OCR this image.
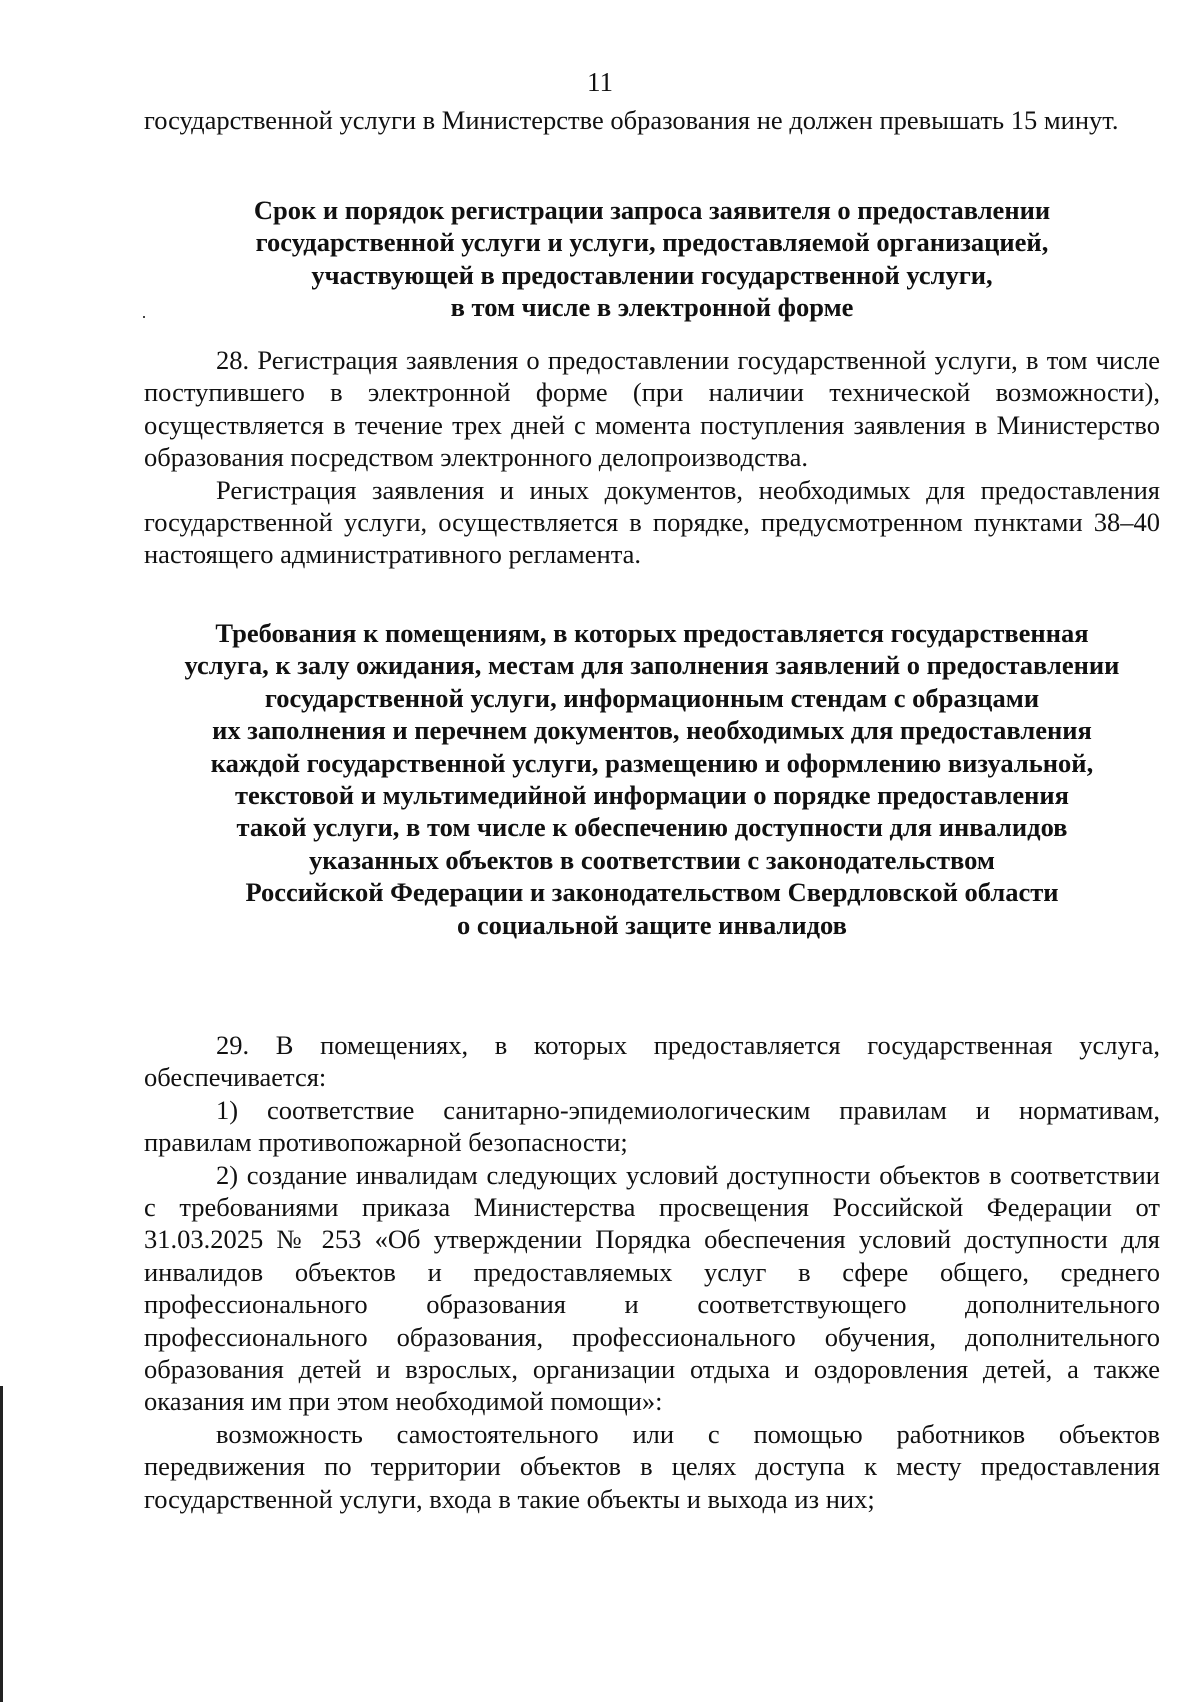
11

государственной услуги в Министерстве образования не должен превышать 15 минут.

Срок и порядок регистрации запроса заявителя о предоставлении
государственной услуги и услуги, предоставляемой организацией,
участвующей в предоставлении государственной услуги,
в том числе в электронной форме

28. Регистрация заявления о предоставлении государственной услуги, в том числе поступившего в электронной форме (при наличии технической возможности), осуществляется в течение трех дней с момента поступления заявления в Министерство образования посредством электронного делопроизводства.

Регистрация заявления и иных документов, необходимых для предоставления государственной услуги, осуществляется в порядке, предусмотренном пунктами 38–40 настоящего административного регламента.

Требования к помещениям, в которых предоставляется государственная
услуга, к залу ожидания, местам для заполнения заявлений о предоставлении
государственной услуги, информационным стендам с образцами
их заполнения и перечнем документов, необходимых для предоставления
каждой государственной услуги, размещению и оформлению визуальной,
текстовой и мультимедийной информации о порядке предоставления
такой услуги, в том числе к обеспечению доступности для инвалидов
указанных объектов в соответствии с законодательством
Российской Федерации и законодательством Свердловской области
о социальной защите инвалидов

29. В помещениях, в которых предоставляется государственная услуга, обеспечивается:

1) соответствие санитарно-эпидемиологическим правилам и нормативам, правилам противопожарной безопасности;

2) создание инвалидам следующих условий доступности объектов в соответствии с требованиями приказа Министерства просвещения Российской Федерации от 31.03.2025 № 253 «Об утверждении Порядка обеспечения условий доступности для инвалидов объектов и предоставляемых услуг в сфере общего, среднего профессионального образования и соответствующего дополнительного профессионального образования, профессионального обучения, дополнительного образования детей и взрослых, организации отдыха и оздоровления детей, а также оказания им при этом необходимой помощи»:

возможность самостоятельного или с помощью работников объектов передвижения по территории объектов в целях доступа к месту предоставления государственной услуги, входа в такие объекты и выхода из них;
